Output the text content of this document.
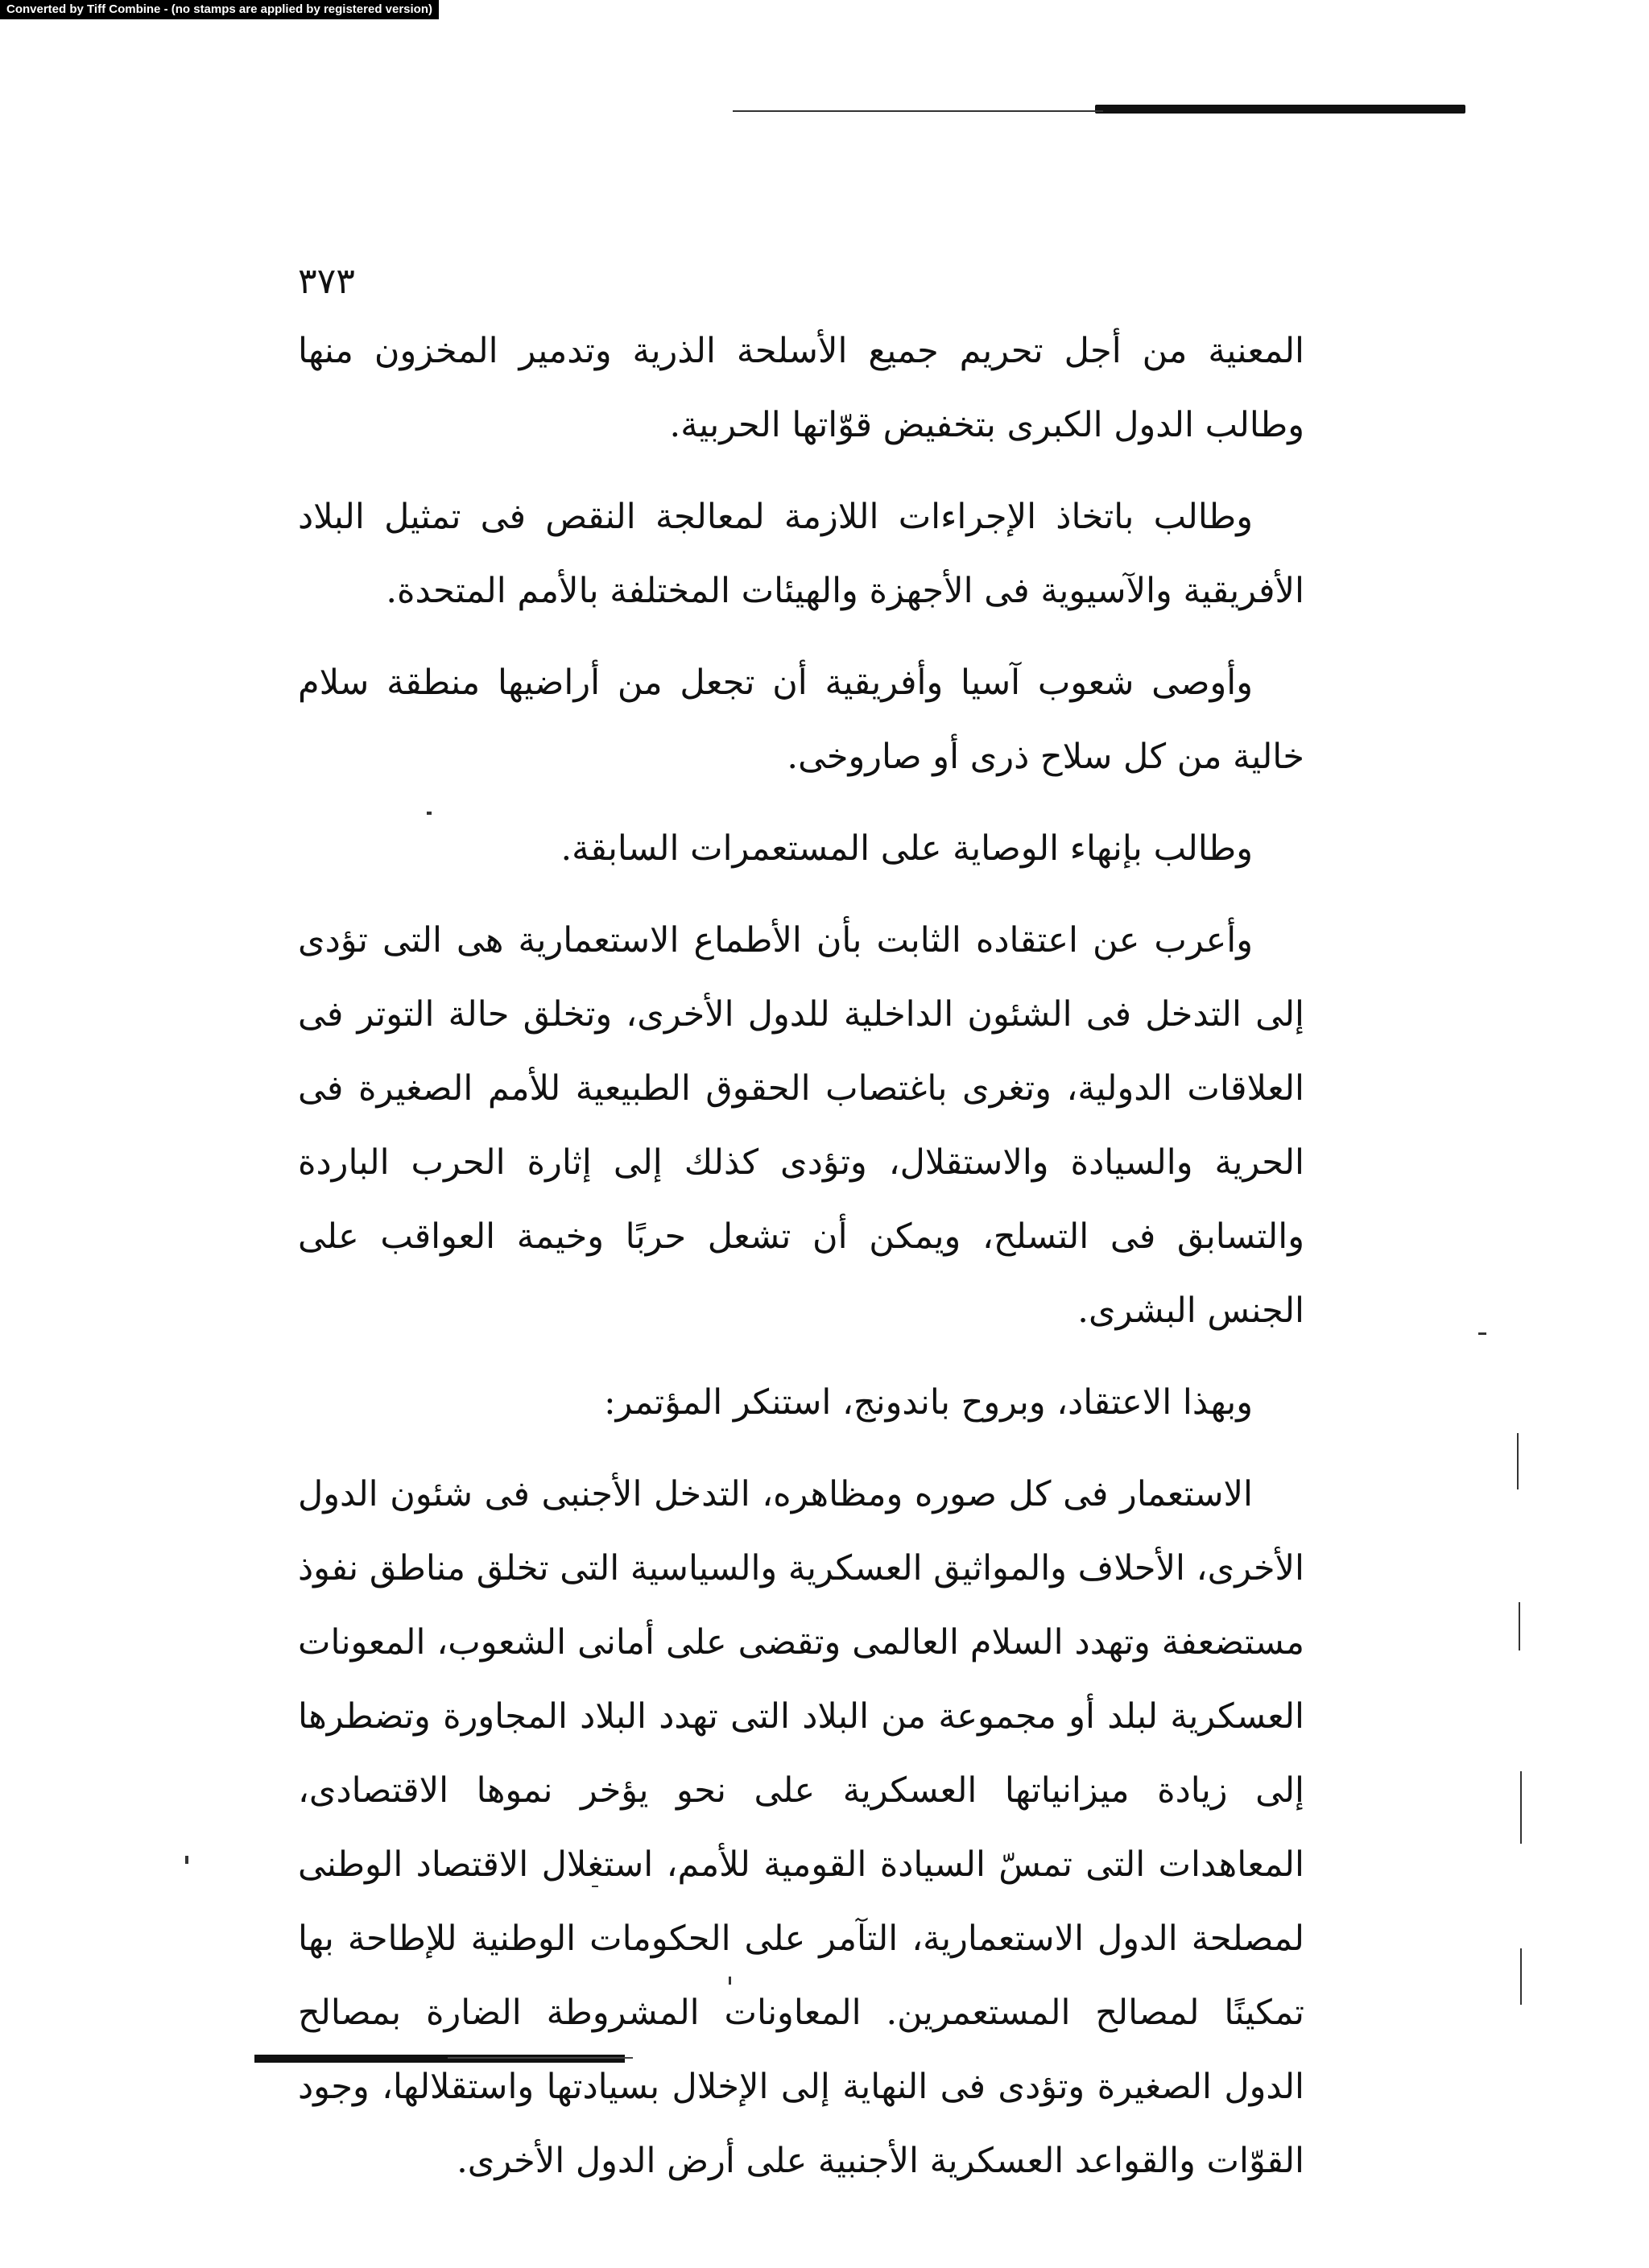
Converted by Tiff Combine - (no stamps are applied by registered version)
٣٧٣

المعنية من أجل تحريم جميع الأسلحة الذرية وتدمير المخزون منها وطالب الدول الكبرى بتخفيض قوّاتها الحربية.

وطالب باتخاذ الإجراءات اللازمة لمعالجة النقص فى تمثيل البلاد الأفريقية والآسيوية فى الأجهزة والهيئات المختلفة بالأمم المتحدة.

وأوصى شعوب آسيا وأفريقية أن تجعل من أراضيها منطقة سلام خالية من كل سلاح ذرى أو صاروخى.

وطالب بإنهاء الوصاية على المستعمرات السابقة.

وأعرب عن اعتقاده الثابت بأن الأطماع الاستعمارية هى التى تؤدى إلى التدخل فى الشئون الداخلية للدول الأخرى، وتخلق حالة التوتر فى العلاقات الدولية، وتغرى باغتصاب الحقوق الطبيعية للأمم الصغيرة فى الحرية والسيادة والاستقلال، وتؤدى كذلك إلى إثارة الحرب الباردة والتسابق فى التسلح، ويمكن أن تشعل حربًا وخيمة العواقب على الجنس البشرى.

وبهذا الاعتقاد، وبروح باندونج، استنكر المؤتمر:

الاستعمار فى كل صوره ومظاهره، التدخل الأجنبى فى شئون الدول الأخرى، الأحلاف والمواثيق العسكرية والسياسية التى تخلق مناطق نفوذ مستضعفة وتهدد السلام العالمى وتقضى على أمانى الشعوب، المعونات العسكرية لبلد أو مجموعة من البلاد التى تهدد البلاد المجاورة وتضطرها إلى زيادة ميزانياتها العسكرية على نحو يؤخر نموها الاقتصادى، المعاهدات التى تمسّ السيادة القومية للأمم، استغلال الاقتصاد الوطنى لمصلحة الدول الاستعمارية، التآمر على الحكومات الوطنية للإطاحة بها تمكينًا لمصالح المستعمرين. المعاونات المشروطة الضارة بمصالح الدول الصغيرة وتؤدى فى النهاية إلى الإخلال بسيادتها واستقلالها، وجود القوّات والقواعد العسكرية الأجنبية على أرض الدول الأخرى.
